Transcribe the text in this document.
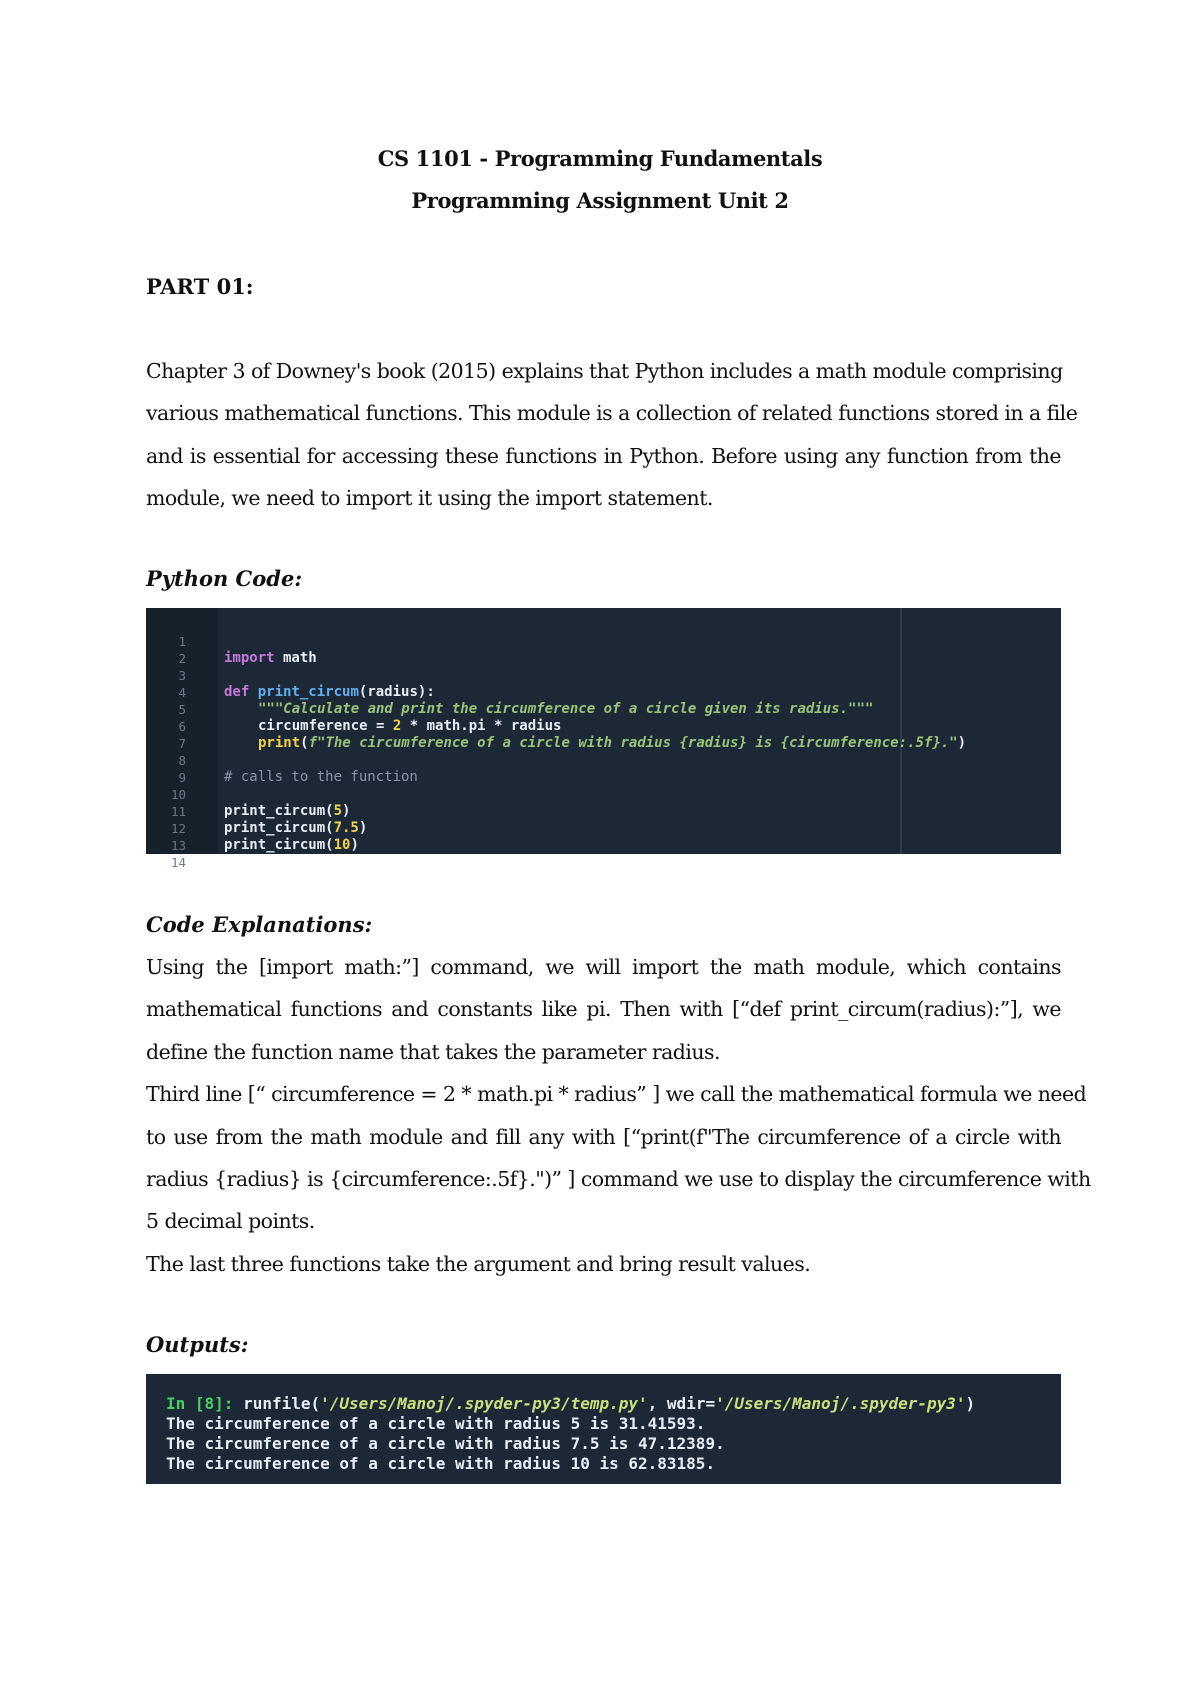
CS 1101 - Programming Fundamentals
Programming Assignment Unit 2
PART 01:
Chapter 3 of Downey's book (2015) explains that Python includes a math module comprising
various mathematical functions. This module is a collection of related functions stored in a file
and is essential for accessing these functions in Python. Before using any function from the
module, we need to import it using the import statement.
Python Code:

1

import math

2

3

def print_circum(radius):

4

"""Calculate and print the circumference of a circle given its radius."""

5

circumference = 2 * math.pi * radius

6

print(f"The circumference of a circle with radius {radius} is {circumference:.5f}.")

7

8

# calls to the function

9

10

print_circum(5)

11

print_circum(7.5)

12

print_circum(10)

13

14

Code Explanations:
Using the [import math:”] command, we will import the math module, which contains
mathematical functions and constants like pi. Then with [“def print_circum(radius):”], we
define the function name that takes the parameter radius.
Third line [“ circumference = 2 * math.pi * radius” ] we call the mathematical formula we need
to use from the math module and fill any with [“print(f"The circumference of a circle with
radius {radius} is {circumference:.5f}.")” ] command we use to display the circumference with
5 decimal points.
The last three functions take the argument and bring result values.
Outputs:
In [8]: runfile('/Users/Manoj/.spyder-py3/temp.py', wdir='/Users/Manoj/.spyder-py3')
The circumference of a circle with radius 5 is 31.41593.
The circumference of a circle with radius 7.5 is 47.12389.
The circumference of a circle with radius 10 is 62.83185.
